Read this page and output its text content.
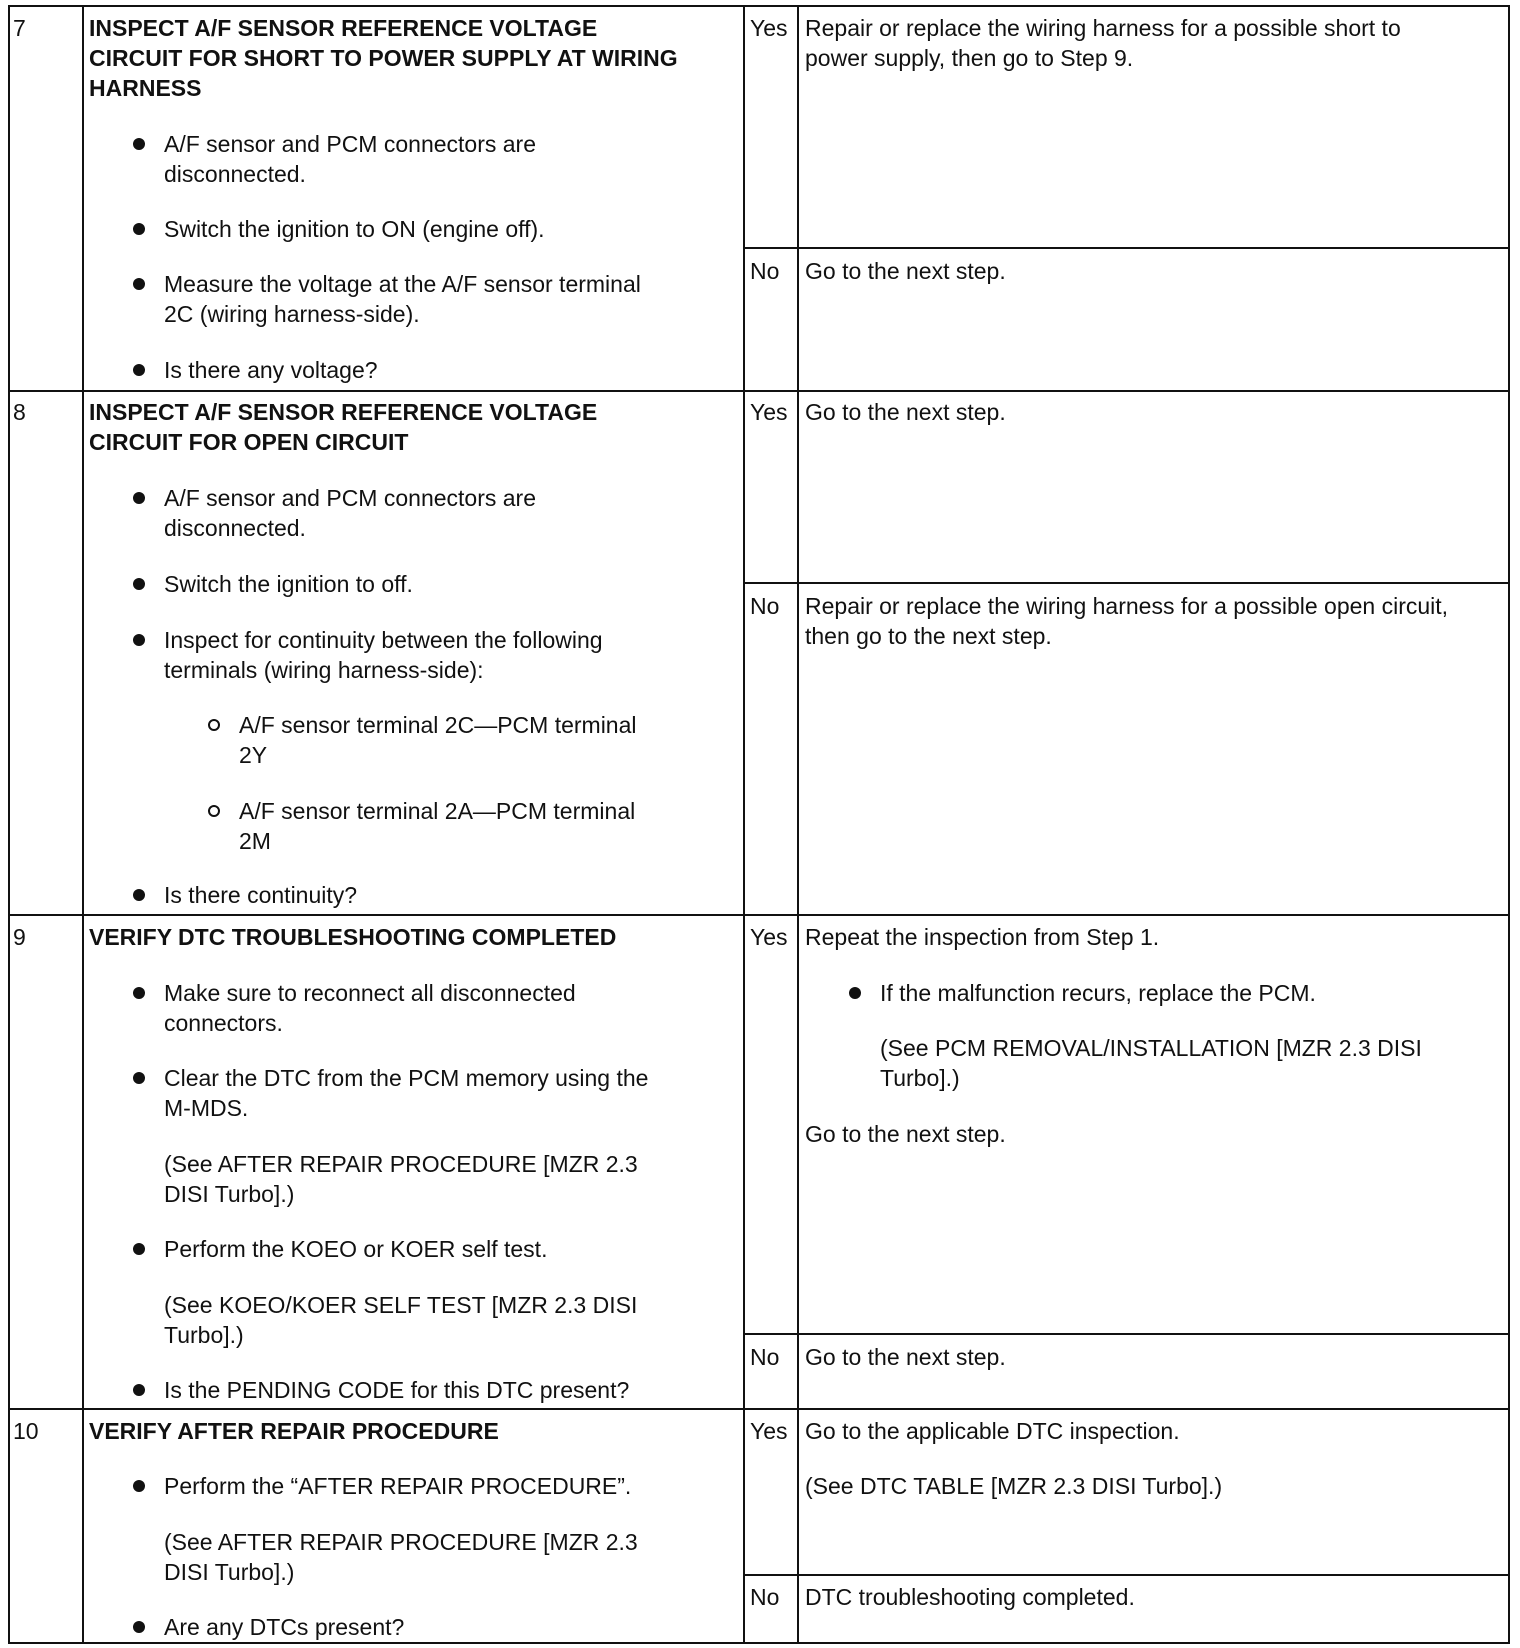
7	INSPECT A/F SENSOR REFERENCE VOLTAGE
CIRCUIT FOR SHORT TO POWER SUPPLY AT WIRING
HARNESS
A/F sensor and PCM connectors are
disconnected.
Switch the ignition to ON (engine off).
Measure the voltage at the A/F sensor terminal
2C (wiring harness-side).
Is there any voltage?
Yes Repair or replace the wiring harness for a possible short to
power supply, then go to Step 9.
No Go to the next step.
8	INSPECT A/F SENSOR REFERENCE VOLTAGE
CIRCUIT FOR OPEN CIRCUIT
A/F sensor and PCM connectors are
disconnected.
Switch the ignition to off.
Inspect for continuity between the following
terminals (wiring harness-side):
A/F sensor terminal 2C—PCM terminal
2Y
A/F sensor terminal 2A—PCM terminal
2M
Is there continuity?
Yes Go to the next step.
No Repair or replace the wiring harness for a possible open circuit,
then go to the next step.
9	VERIFY DTC TROUBLESHOOTING COMPLETED
Make sure to reconnect all disconnected
connectors.
Clear the DTC from the PCM memory using the
M-MDS.
(See AFTER REPAIR PROCEDURE [MZR 2.3
DISI Turbo].)
Perform the KOEO or KOER self test.
(See KOEO/KOER SELF TEST [MZR 2.3 DISI
Turbo].)
Is the PENDING CODE for this DTC present?
Yes Repeat the inspection from Step 1.
If the malfunction recurs, replace the PCM.
(See PCM REMOVAL/INSTALLATION [MZR 2.3 DISI
Turbo].)
Go to the next step.
No Go to the next step.
10 VERIFY AFTER REPAIR PROCEDURE
Perform the “AFTER REPAIR PROCEDURE”.
(See AFTER REPAIR PROCEDURE [MZR 2.3
DISI Turbo].)
Are any DTCs present?
Yes Go to the applicable DTC inspection.
(See DTC TABLE [MZR 2.3 DISI Turbo].)
No DTC troubleshooting completed.
